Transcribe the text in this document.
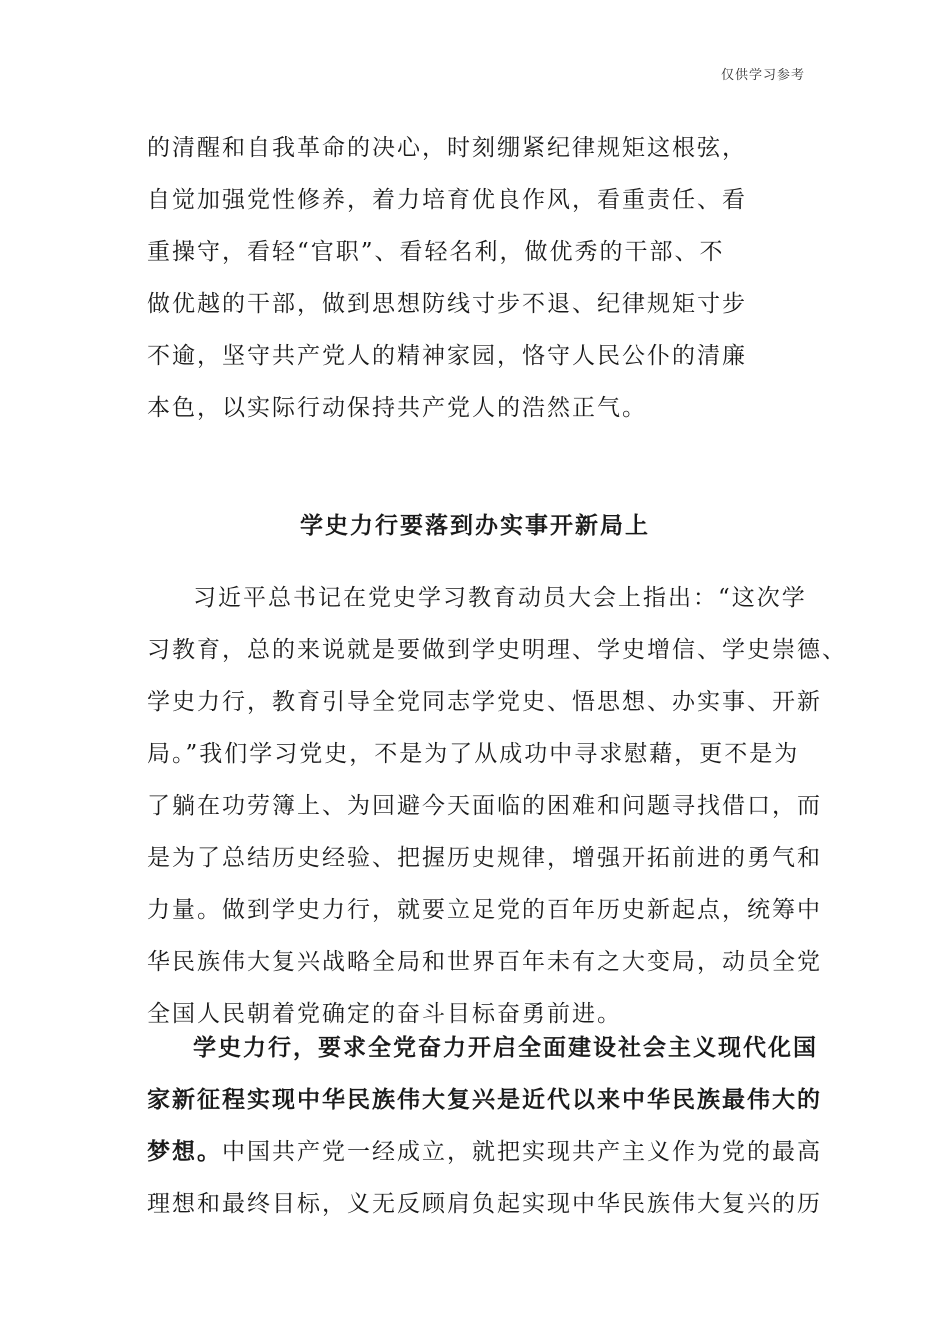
仅供学习参考
的清醒和自我革命的决心，时刻绷紧纪律规矩这根弦，
自觉加强党性修养，着力培育优良作风，看重责任、看
重操守，看轻“官职”、看轻名利，做优秀的干部、不
做优越的干部，做到思想防线寸步不退、纪律规矩寸步
不逾，坚守共产党人的精神家园，恪守人民公仆的清廉
本色，以实际行动保持共产党人的浩然正气。
学史力行要落到办实事开新局上
习近平总书记在党史学习教育动员大会上指出：“这次学
习教育，总的来说就是要做到学史明理、学史增信、学史崇德、
学史力行，教育引导全党同志学党史、悟思想、办实事、开新
局。”我们学习党史，不是为了从成功中寻求慰藉，更不是为
了躺在功劳簿上、为回避今天面临的困难和问题寻找借口，而
是为了总结历史经验、把握历史规律，增强开拓前进的勇气和
力量。做到学史力行，就要立足党的百年历史新起点，统筹中
华民族伟大复兴战略全局和世界百年未有之大变局，动员全党
全国人民朝着党确定的奋斗目标奋勇前进。
学史力行，要求全党奋力开启全面建设社会主义现代化国
家新征程实现中华民族伟大复兴是近代以来中华民族最伟大的
梦想。中国共产党一经成立，就把实现共产主义作为党的最高
理想和最终目标，义无反顾肩负起实现中华民族伟大复兴的历
